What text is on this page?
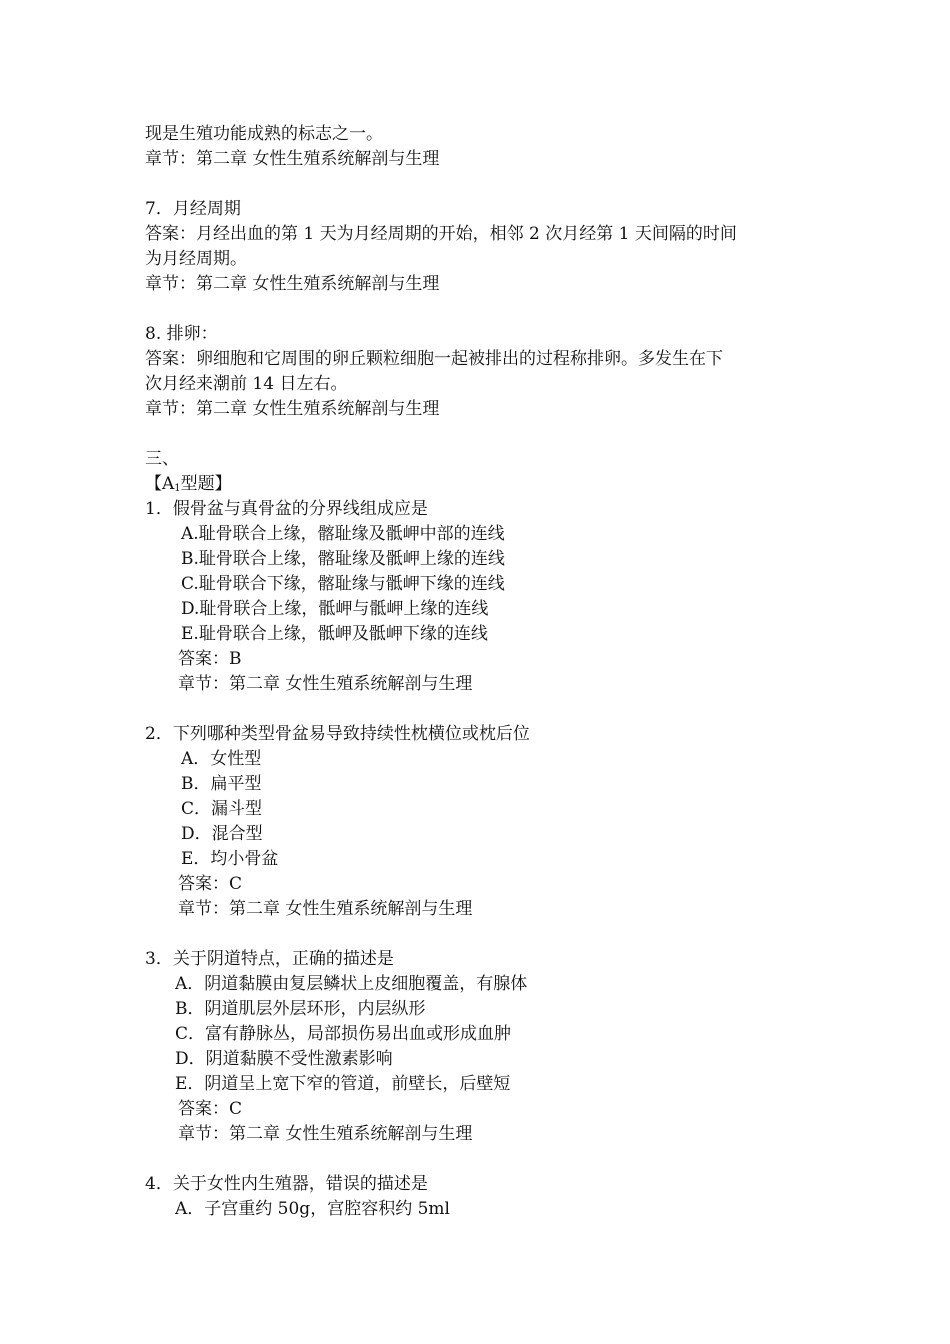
现是生殖功能成熟的标志之一。
章节：第二章 女性生殖系统解剖与生理
7．月经周期
答案：月经出血的第 1 天为月经周期的开始，相邻 2 次月经第 1 天间隔的时间
为月经周期。
章节：第二章 女性生殖系统解剖与生理
8. 排卵：
答案：卵细胞和它周围的卵丘颗粒细胞一起被排出的过程称排卵。多发生在下
次月经来潮前 14 日左右。
章节：第二章 女性生殖系统解剖与生理
三、
【$A_1$型题】
1．假骨盆与真骨盆的分界线组成应是
A.耻骨联合上缘，髂耻缘及骶岬中部的连线
B.耻骨联合上缘，髂耻缘及骶岬上缘的连线
C.耻骨联合下缘，髂耻缘与骶岬下缘的连线
D.耻骨联合上缘，骶岬与骶岬上缘的连线
E.耻骨联合上缘，骶岬及骶岬下缘的连线
答案：B
章节：第二章 女性生殖系统解剖与生理
2．下列哪种类型骨盆易导致持续性枕横位或枕后位
A．女性型
B．扁平型
C．漏斗型
D．混合型
E．均小骨盆
答案：C
章节：第二章 女性生殖系统解剖与生理
3．关于阴道特点，正确的描述是
A．阴道黏膜由复层鳞状上皮细胞覆盖，有腺体
B．阴道肌层外层环形，内层纵形
C．富有静脉丛，局部损伤易出血或形成血肿
D．阴道黏膜不受性激素影响
E．阴道呈上宽下窄的管道，前壁长，后壁短
答案：C
章节：第二章 女性生殖系统解剖与生理
4．关于女性内生殖器，错误的描述是
A．子宫重约 50g，宫腔容积约 5ml
